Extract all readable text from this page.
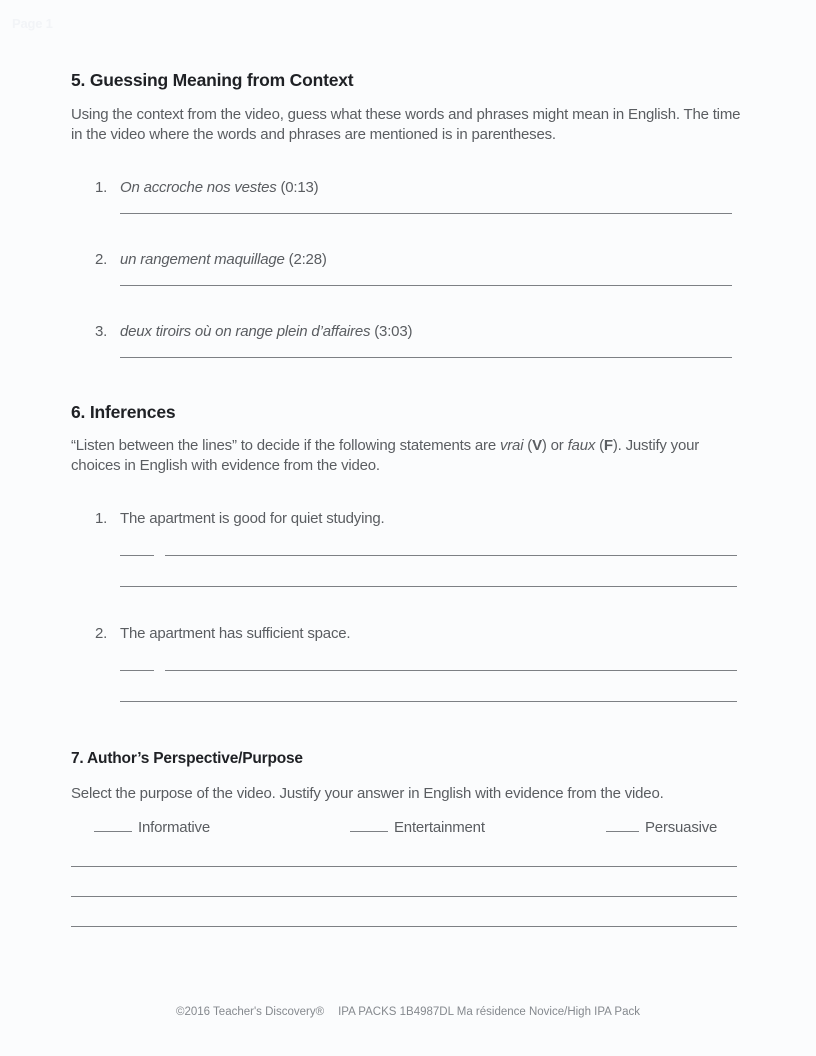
Page 1
5. Guessing Meaning from Context
Using the context from the video, guess what these words and phrases might mean in English. The time in the video where the words and phrases are mentioned is in parentheses.
1. On accroche nos vestes (0:13)
2. un rangement maquillage (2:28)
3. deux tiroirs où on range plein d’affaires (3:03)
6. Inferences
“Listen between the lines” to decide if the following statements are vrai (V) or faux (F). Justify your choices in English with evidence from the video.
1. The apartment is good for quiet studying.
2. The apartment has sufficient space.
7. Author’s Perspective/Purpose
Select the purpose of the video. Justify your answer in English with evidence from the video.
Informative	Entertainment	Persuasive
©2016 Teacher's Discovery® IPA PACKS 1B4987DL Ma résidence Novice/High IPA Pack
